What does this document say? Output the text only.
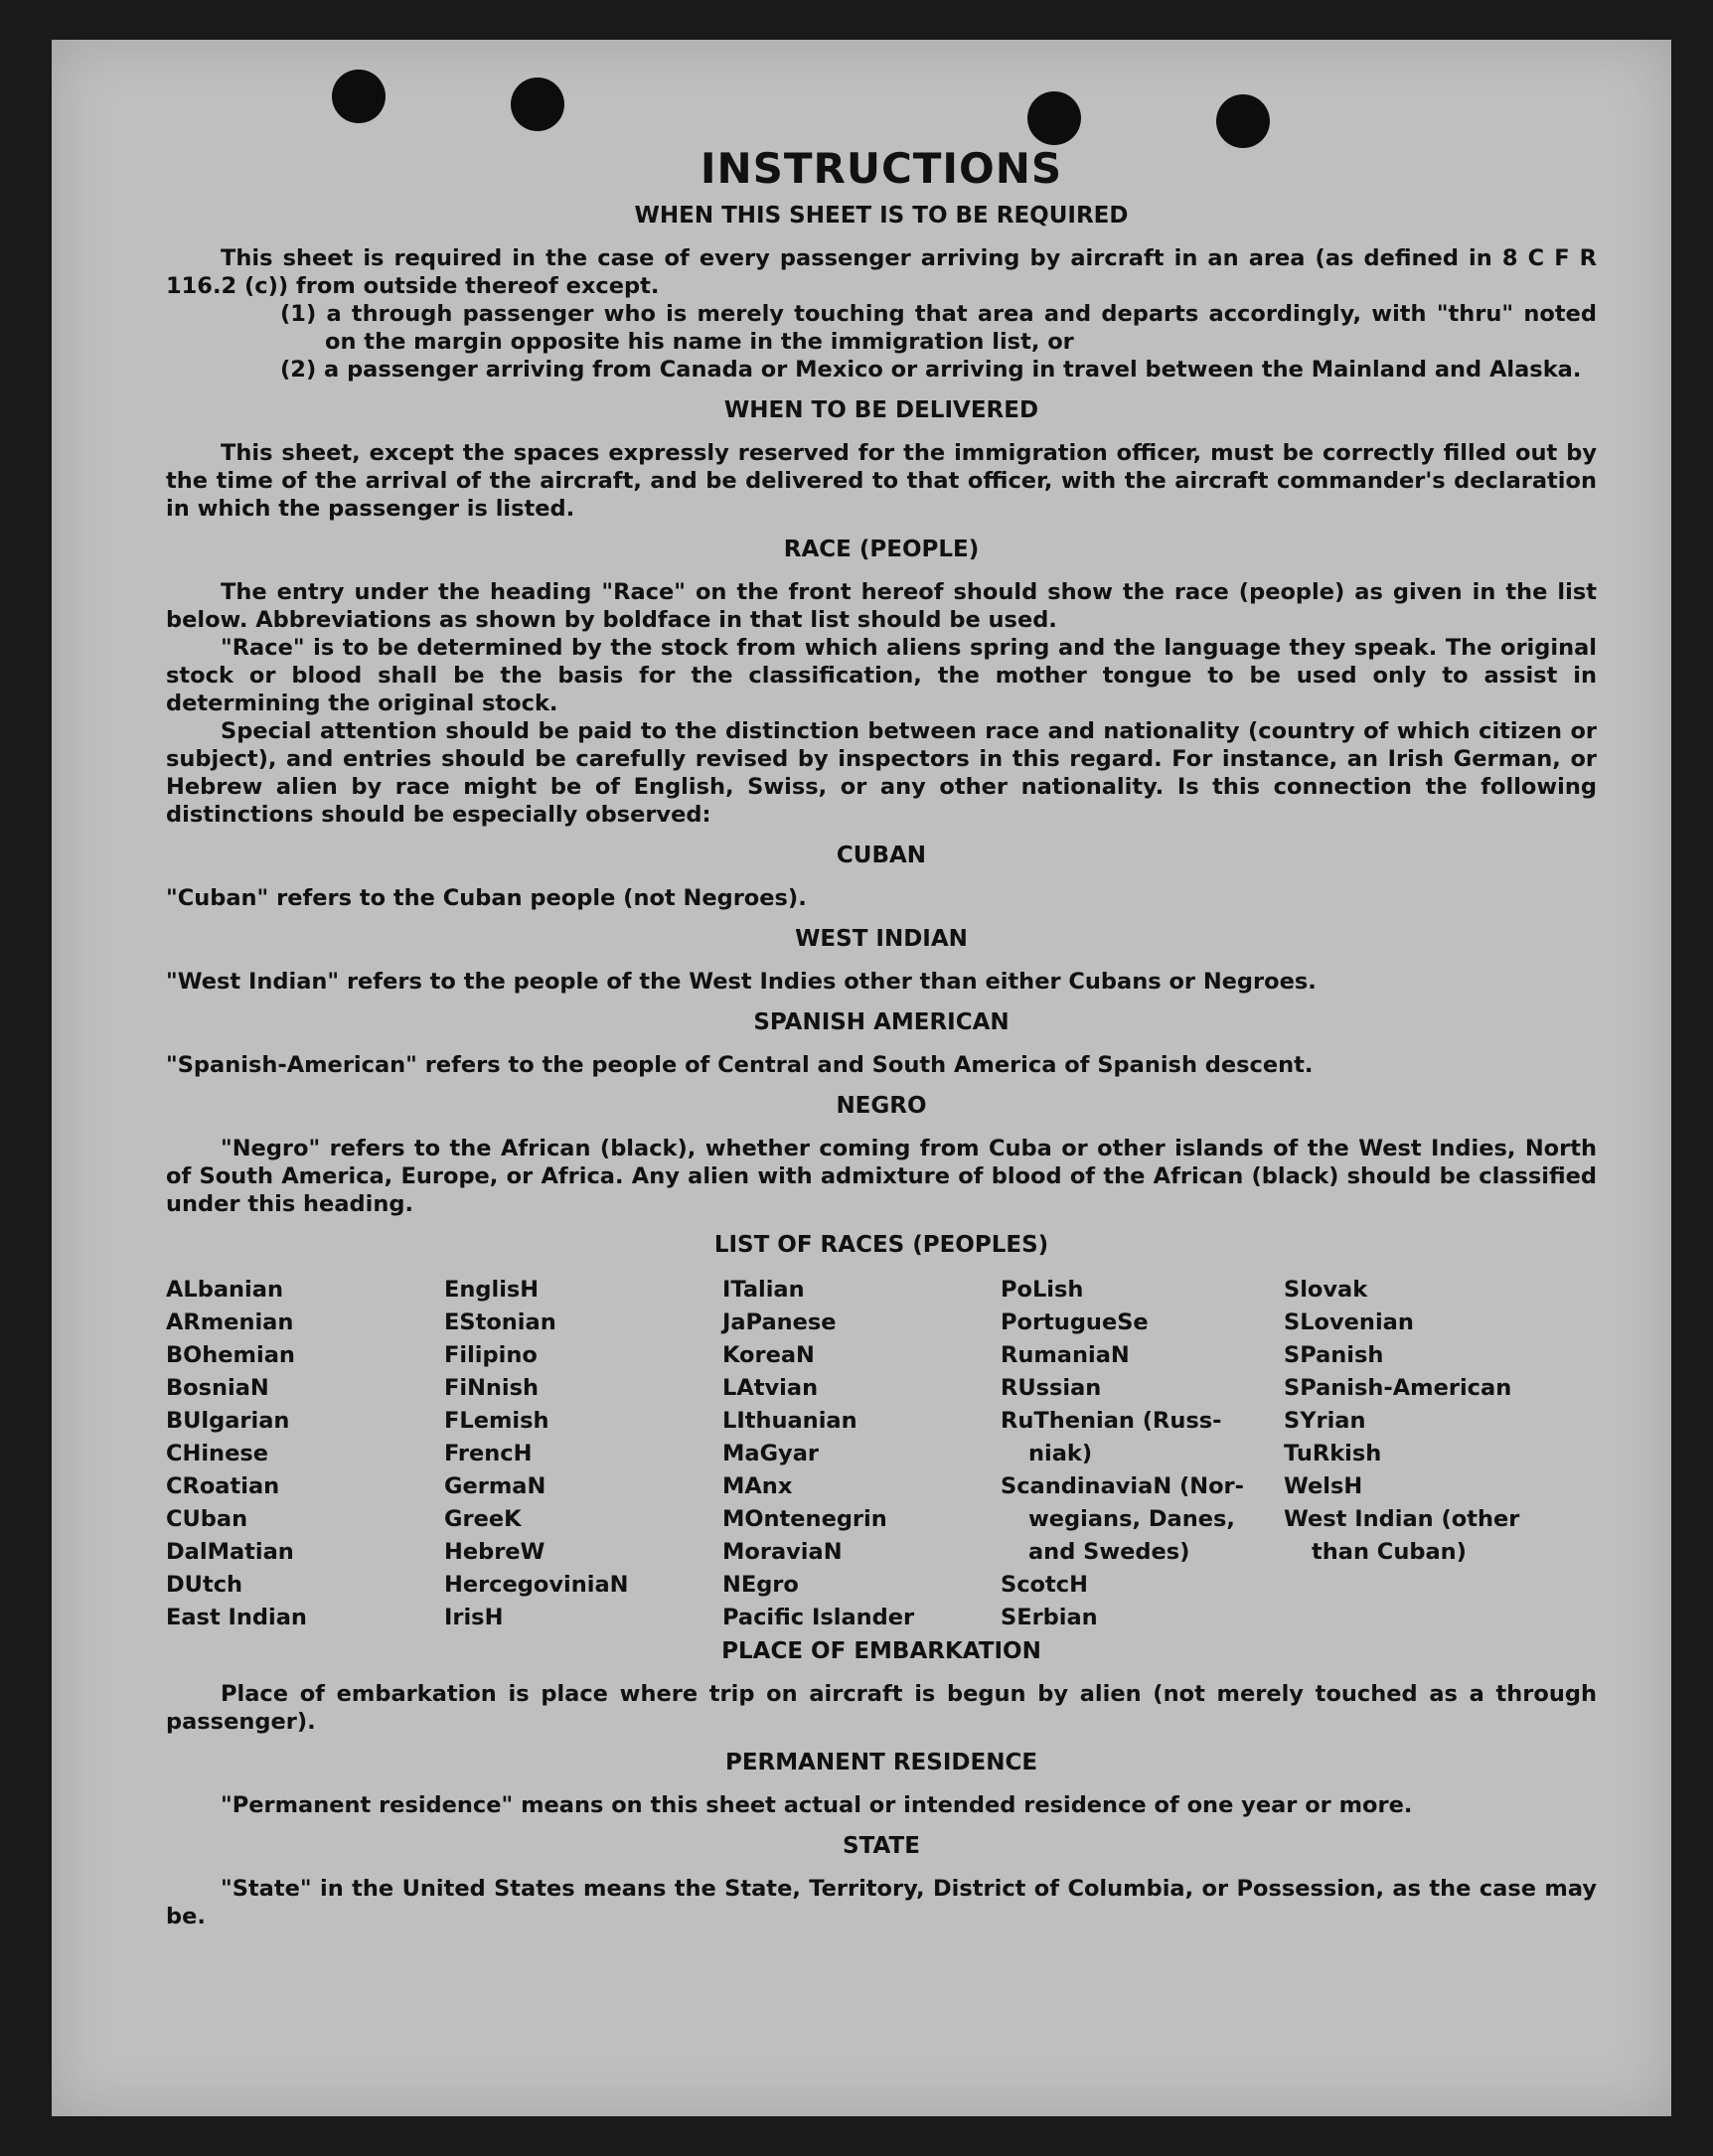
INSTRUCTIONS
WHEN THIS SHEET IS TO BE REQUIRED

This sheet is required in the case of every passenger arriving by aircraft in an area (as defined in 8 C F R 116.2 (c)) from outside thereof except.

(1) a through passenger who is merely touching that area and departs accordingly, with "thru" noted on the margin opposite his name in the immigration list, or

(2) a passenger arriving from Canada or Mexico or arriving in travel between the Mainland and Alaska.

WHEN TO BE DELIVERED

This sheet, except the spaces expressly reserved for the immigration officer, must be correctly filled out by the time of the arrival of the aircraft, and be delivered to that officer, with the aircraft commander's declaration in which the passenger is listed.

RACE (PEOPLE)

The entry under the heading "Race" on the front hereof should show the race (people) as given in the list below. Abbreviations as shown by boldface in that list should be used.

"Race" is to be determined by the stock from which aliens spring and the language they speak. The original stock or blood shall be the basis for the classification, the mother tongue to be used only to assist in determining the original stock.

Special attention should be paid to the distinction between race and nationality (country of which citizen or subject), and entries should be carefully revised by inspectors in this regard. For instance, an Irish German, or Hebrew alien by race might be of English, Swiss, or any other nationality. Is this connection the following distinctions should be especially observed:

CUBAN

"Cuban" refers to the Cuban people (not Negroes).

WEST INDIAN

"West Indian" refers to the people of the West Indies other than either Cubans or Negroes.

SPANISH AMERICAN

"Spanish-American" refers to the people of Central and South America of Spanish descent.

NEGRO

"Negro" refers to the African (black), whether coming from Cuba or other islands of the West Indies, North of South America, Europe, or Africa. Any alien with admixture of blood of the African (black) should be classified under this heading.

LIST OF RACES (PEOPLES)
ALbanian
ARmenian
BOhemian
BosniaN
BUlgarian
CHinese
CRoatian
CUban
DalMatian
DUtch
East Indian
EnglisH
EStonian
Filipino
FiNnish
FLemish
FrencH
GermaN
GreeK
HebreW
HercegoviniaN
IrisH
ITalian
JaPanese
KoreaN
LAtvian
LIthuanian
MaGyar
MAnx
MOntenegrin
MoraviaN
NEgro
Pacific Islander
PoLish
PortugueSe
RumaniaN
RUssian
RuThenian (Russ-
niak)
ScandinaviaN (Nor-
wegians, Danes,
and Swedes)
ScotcH
SErbian
Slovak
SLovenian
SPanish
SPanish-American
SYrian
TuRkish
WelsH
West Indian (other
than Cuban)
PLACE OF EMBARKATION

Place of embarkation is place where trip on aircraft is begun by alien (not merely touched as a through passenger).

PERMANENT RESIDENCE

"Permanent residence" means on this sheet actual or intended residence of one year or more.

STATE

"State" in the United States means the State, Territory, District of Columbia, or Possession, as the case may be.
